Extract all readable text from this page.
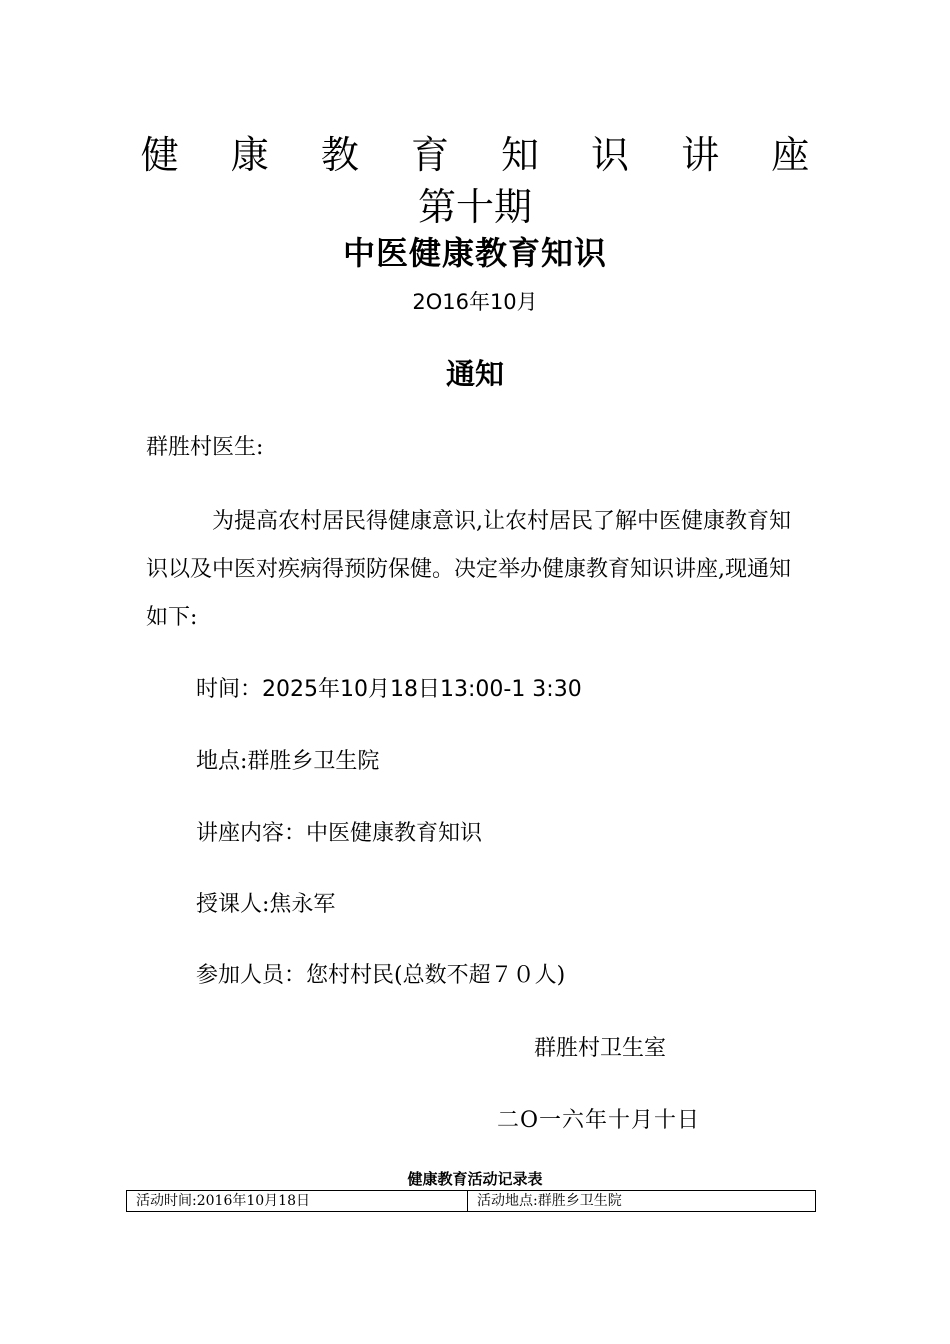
健 康 教 育 知 识 讲 座
第十期
中医健康教育知识
2O16年10月
通知
群胜村医生:
为提高农村居民得健康意识,让农村居民了解中医健康教育知识以及中医对疾病得预防保健。决定举办健康教育知识讲座,现通知如下:
时间：2025年10月18日13:00-1 3:30
地点:群胜乡卫生院
讲座内容：中医健康教育知识
授课人:焦永军
参加人员：您村村民(总数不超７０人)
群胜村卫生室
二O一六年十月十日
健康教育活动记录表
活动时间:2016年10月18日	活动地点:群胜乡卫生院
